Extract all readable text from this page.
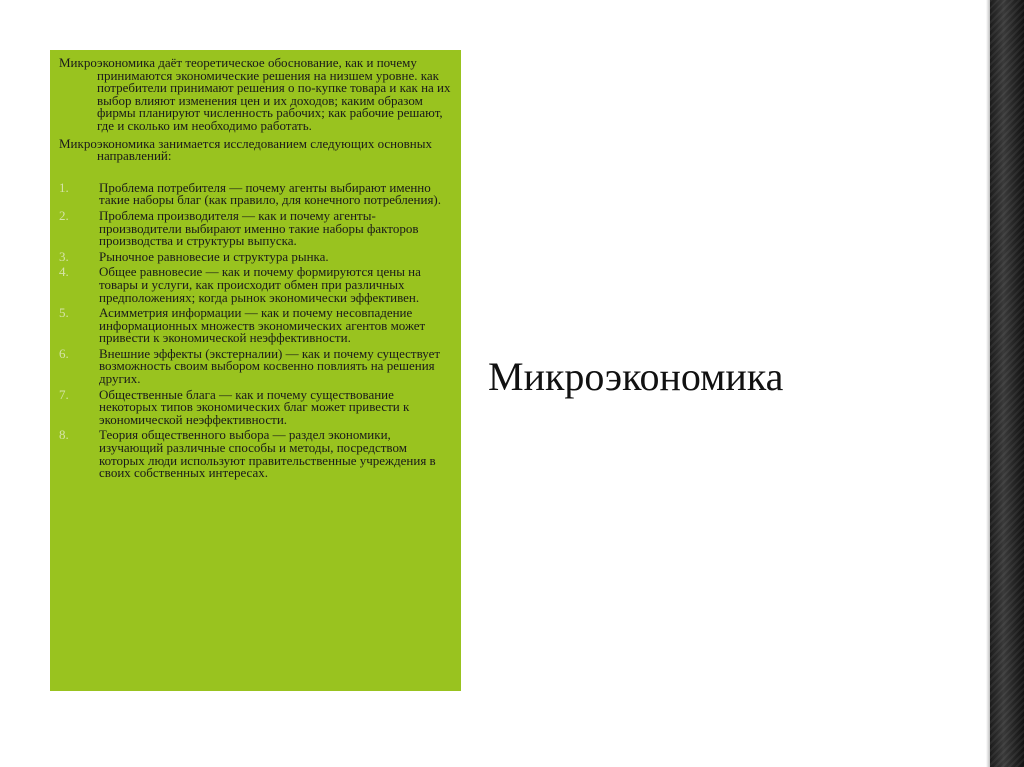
Микроэкономика даёт теоретическое обоснование, как и почему принимаются экономические решения на низшем уровне. как потребители принимают решения о по-купке товара и как на их выбор влияют изменения цен и их доходов; каким образом фирмы планируют численность рабочих; как рабочие решают, где и сколько им необходимо работать.

Микроэкономика занимается исследованием следующих основных направлений:

1. Проблема потребителя — почему агенты выбирают именно такие наборы благ (как правило, для конечного потребления).
2. Проблема производителя — как и почему агенты-производители выбирают именно такие наборы факторов производства и структуры выпуска.
3. Рыночное равновесие и структура рынка.
4. Общее равновесие — как и почему формируются цены на товары и услуги, как происходит обмен при различных предположениях; когда рынок экономически эффективен.
5. Асимметрия информации — как и почему несовпадение информационных множеств экономических агентов может привести к экономической неэффективности.
6. Внешние эффекты (экстерналии) — как и почему существует возможность своим выбором косвенно повлиять на решения других.
7. Общественные блага — как и почему существование некоторых типов экономических благ может привести к экономической неэффективности.
8. Теория общественного выбора — раздел экономики, изучающий различные способы и методы, посредством которых люди используют правительственные учреждения в своих собственных интересах.
Микроэкономика
